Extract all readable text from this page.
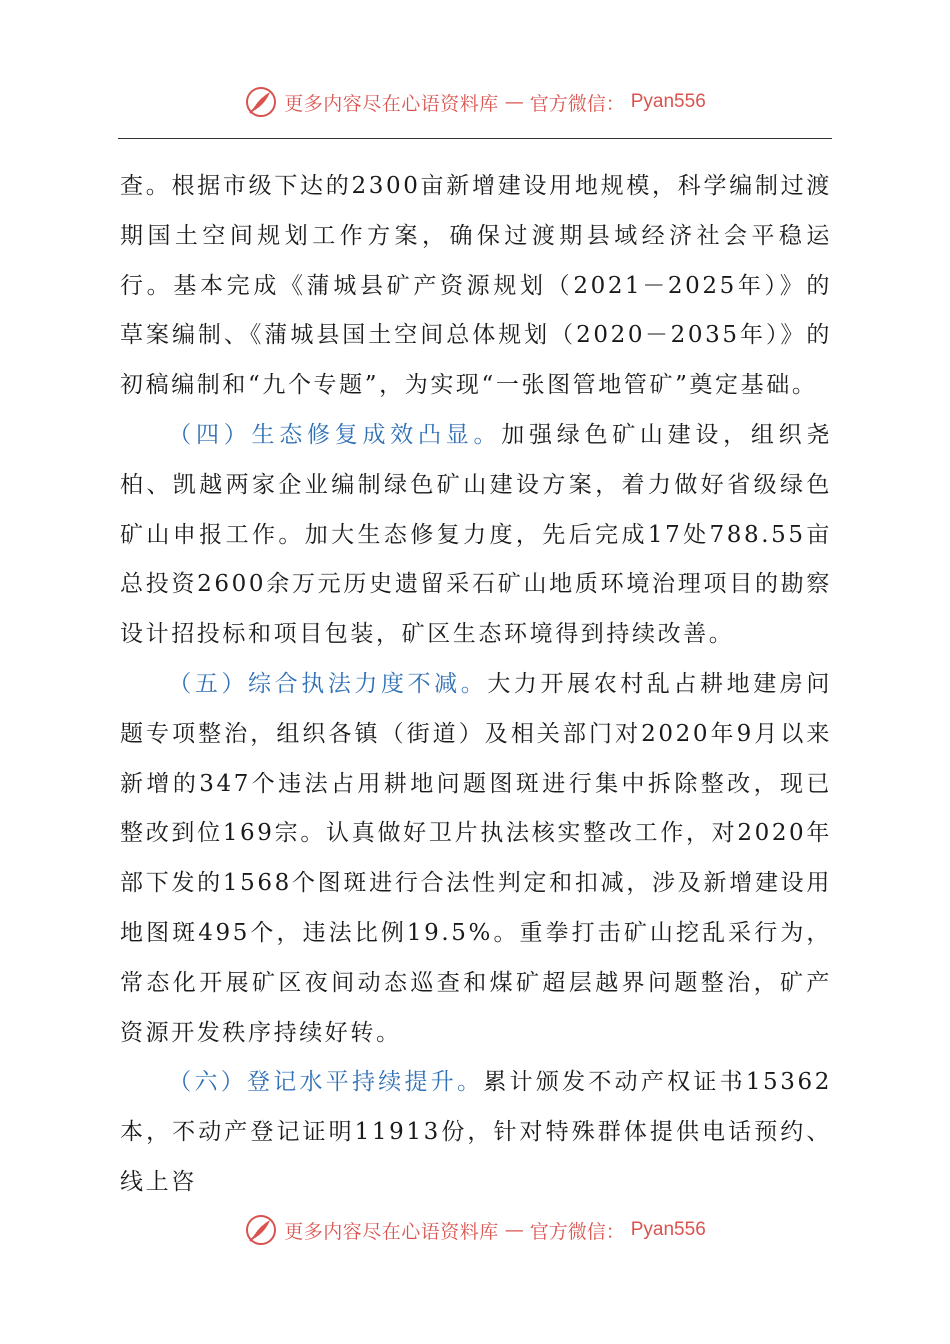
更多内容尽在心语资料库 — 官方微信： Pyan556

查。根据市级下达的2300亩新增建设用地规模，科学编制过渡期国土空间规划工作方案，确保过渡期县域经济社会平稳运行。基本完成《蒲城县矿产资源规划（2021－2025年）》的草案编制、《蒲城县国土空间总体规划（2020－2035年）》的初稿编制和“九个专题”，为实现“一张图管地管矿”奠定基础。

（四）生态修复成效凸显。加强绿色矿山建设，组织尧柏、凯越两家企业编制绿色矿山建设方案，着力做好省级绿色矿山申报工作。加大生态修复力度，先后完成17处788.55亩总投资2600余万元历史遗留采石矿山地质环境治理项目的勘察设计招投标和项目包装，矿区生态环境得到持续改善。

（五）综合执法力度不减。大力开展农村乱占耕地建房问题专项整治，组织各镇（街道）及相关部门对2020年9月以来新增的347个违法占用耕地问题图斑进行集中拆除整改，现已整改到位169宗。认真做好卫片执法核实整改工作，对2020年部下发的1568个图斑进行合法性判定和扣减，涉及新增建设用地图斑495个，违法比例19.5%。重拳打击矿山挖乱采行为，常态化开展矿区夜间动态巡查和煤矿超层越界问题整治，矿产资源开发秩序持续好转。

（六）登记水平持续提升。累计颁发不动产权证书15362本，不动产登记证明11913份，针对特殊群体提供电话预约、线上咨

更多内容尽在心语资料库 — 官方微信： Pyan556
